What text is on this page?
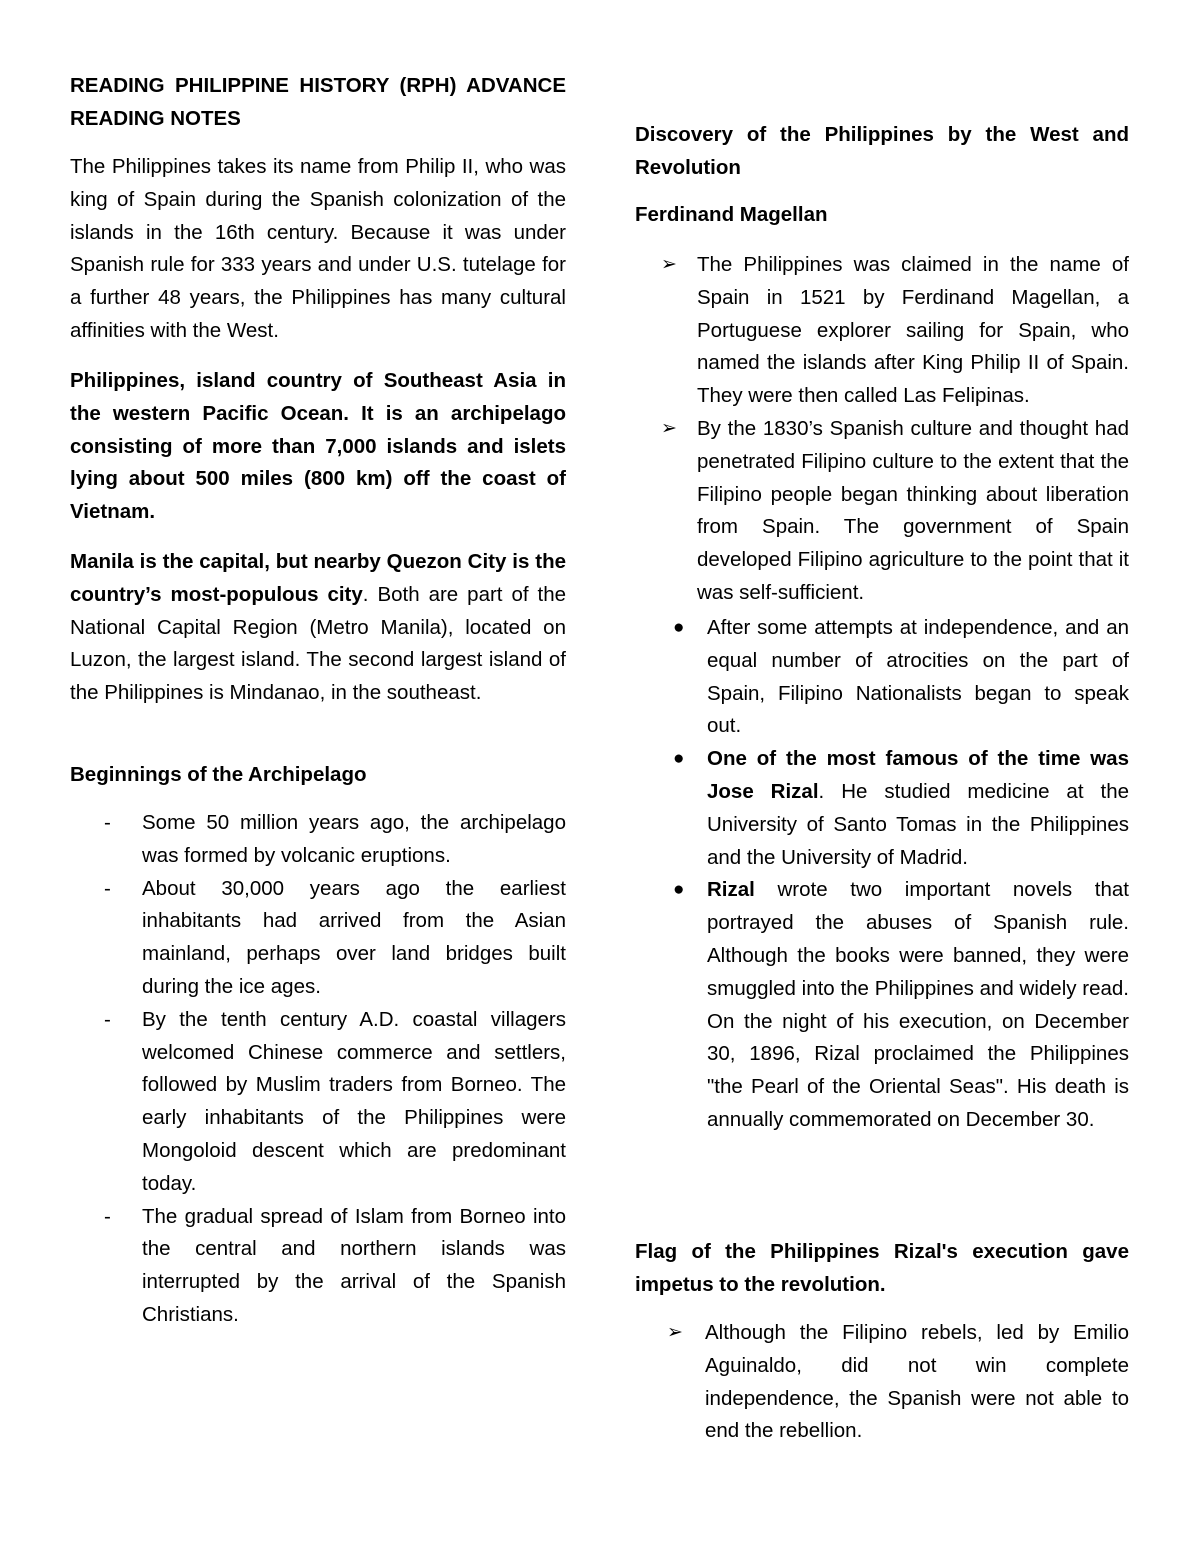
READING PHILIPPINE HISTORY (RPH) ADVANCE

READING NOTES

The Philippines takes its name from Philip II, who was king of Spain during the Spanish colonization of the islands in the 16th century. Because it was under Spanish rule for 333 years and under U.S. tutelage for a further 48 years, the Philippines has many cultural affinities with the West.

Philippines, island country of Southeast Asia in the western Pacific Ocean. It is an archipelago consisting of more than 7,000 islands and islets lying about 500 miles (800 km) off the coast of Vietnam.

Manila is the capital, but nearby Quezon City is the country’s most-populous city. Both are part of the National Capital Region (Metro Manila), located on Luzon, the largest island. The second largest island of the Philippines is Mindanao, in the southeast.

Beginnings of the Archipelago

- Some 50 million years ago, the archipelago was formed by volcanic eruptions.
- About 30,000 years ago the earliest inhabitants had arrived from the Asian mainland, perhaps over land bridges built during the ice ages.
- By the tenth century A.D. coastal villagers welcomed Chinese commerce and settlers, followed by Muslim traders from Borneo. The early inhabitants of the Philippines were Mongoloid descent which are predominant today.
- The gradual spread of Islam from Borneo into the central and northern islands was interrupted by the arrival of the Spanish Christians.

Discovery of the Philippines by the West and Revolution

Ferdinand Magellan

➢ The Philippines was claimed in the name of Spain in 1521 by Ferdinand Magellan, a Portuguese explorer sailing for Spain, who named the islands after King Philip II of Spain. They were then called Las Felipinas.
➢ By the 1830’s Spanish culture and thought had penetrated Filipino culture to the extent that the Filipino people began thinking about liberation from Spain. The government of Spain developed Filipino agriculture to the point that it was self-sufficient.
● After some attempts at independence, and an equal number of atrocities on the part of Spain, Filipino Nationalists began to speak out.
● One of the most famous of the time was Jose Rizal. He studied medicine at the University of Santo Tomas in the Philippines and the University of Madrid.
● Rizal wrote two important novels that portrayed the abuses of Spanish rule. Although the books were banned, they were smuggled into the Philippines and widely read. On the night of his execution, on December 30, 1896, Rizal proclaimed the Philippines "the Pearl of the Oriental Seas". His death is annually commemorated on December 30.

Flag of the Philippines Rizal's execution gave impetus to the revolution.

➢ Although the Filipino rebels, led by Emilio Aguinaldo, did not win complete independence, the Spanish were not able to end the rebellion.
